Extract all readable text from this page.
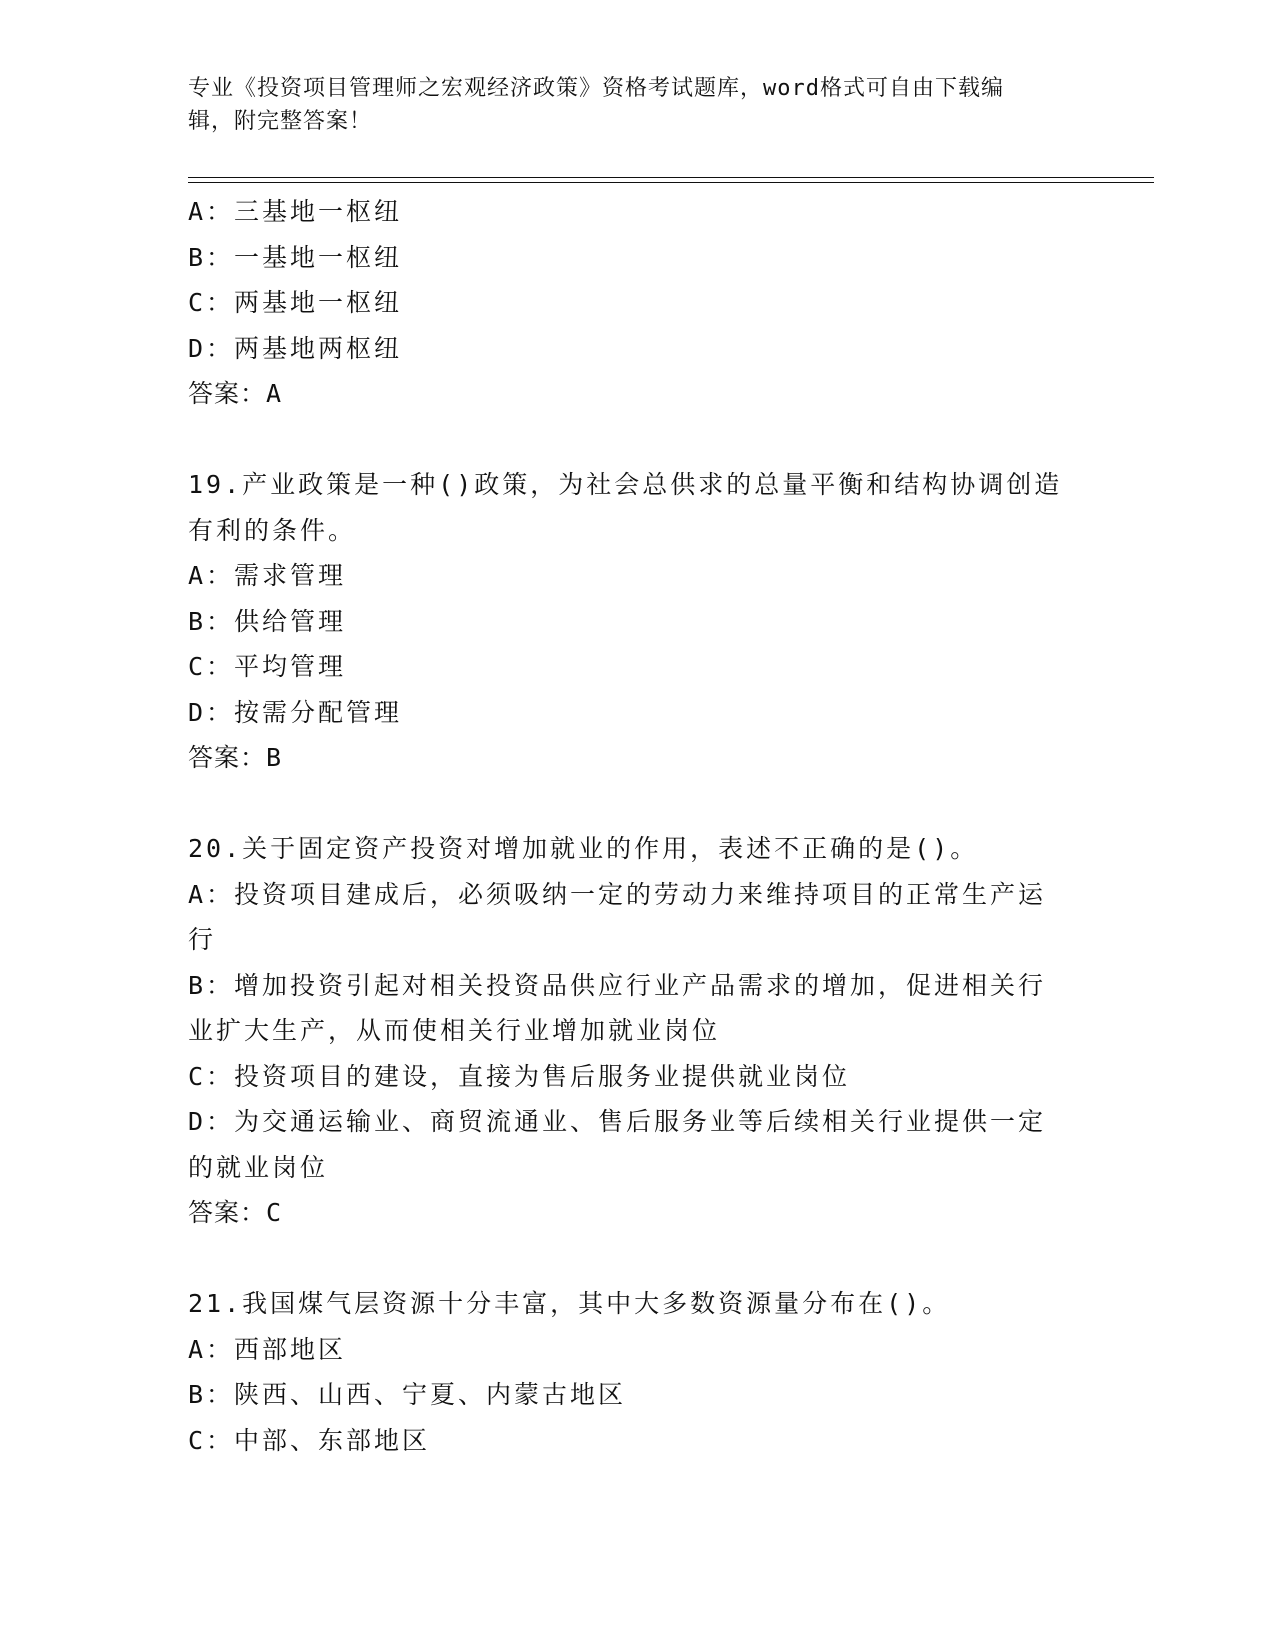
专业《投资项目管理师之宏观经济政策》资格考试题库，word格式可自由下载编
辑，附完整答案！
A：三基地一枢纽
B：一基地一枢纽
C：两基地一枢纽
D：两基地两枢纽
答案：A
19.产业政策是一种()政策，为社会总供求的总量平衡和结构协调创造
有利的条件。
A：需求管理
B：供给管理
C：平均管理
D：按需分配管理
答案：B
20.关于固定资产投资对增加就业的作用，表述不正确的是()。
A：投资项目建成后，必须吸纳一定的劳动力来维持项目的正常生产运
行
B：增加投资引起对相关投资品供应行业产品需求的增加，促进相关行
业扩大生产，从而使相关行业增加就业岗位
C：投资项目的建设，直接为售后服务业提供就业岗位
D：为交通运输业、商贸流通业、售后服务业等后续相关行业提供一定
的就业岗位
答案：C
21.我国煤气层资源十分丰富，其中大多数资源量分布在()。
A：西部地区
B：陕西、山西、宁夏、内蒙古地区
C：中部、东部地区
